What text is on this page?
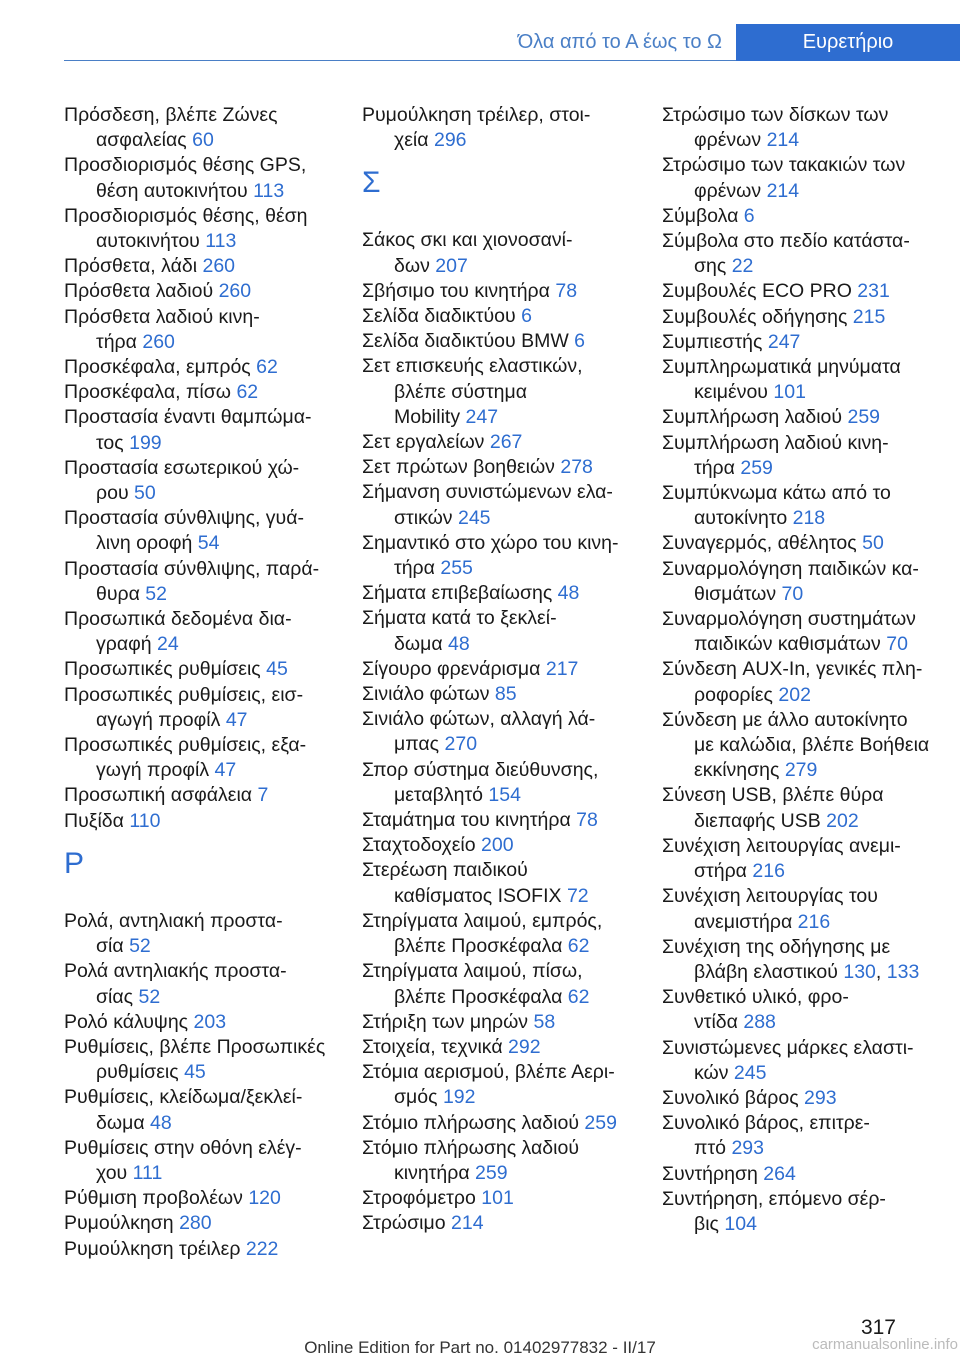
Όλα από το Α έως το Ω	Ευρετήριο
Πρόσδεση, βλέπε Ζώνες
ασφαλείας 60
Προσδιορισμός θέσης GPS,
θέση αυτοκινήτου 113
Προσδιορισμός θέσης, θέση
αυτοκινήτου 113
Πρόσθετα, λάδι 260
Πρόσθετα λαδιού 260
Πρόσθετα λαδιού κινη-
τήρα 260
Προσκέφαλα, εμπρός 62
Προσκέφαλα, πίσω 62
Προστασία έναντι θαμπώμα-
τος 199
Προστασία εσωτερικού χώ-
ρου 50
Προστασία σύνθλιψης, γυά-
λινη οροφή 54
Προστασία σύνθλιψης, παρά-
θυρα 52
Προσωπικά δεδομένα δια-
γραφή 24
Προσωπικές ρυθμίσεις 45
Προσωπικές ρυθμίσεις, εισ-
αγωγή προφίλ 47
Προσωπικές ρυθμίσεις, εξα-
γωγή προφίλ 47
Προσωπική ασφάλεια 7
Πυξίδα 110
Ρ
Ρολά, αντηλιακή προστα-
σία 52
Ρολά αντηλιακής προστα-
σίας 52
Ρολό κάλυψης 203
Ρυθμίσεις, βλέπε Προσωπικές
ρυθμίσεις 45
Ρυθμίσεις, κλείδωμα/ξεκλεί-
δωμα 48
Ρυθμίσεις στην οθόνη ελέγ-
χου 111
Ρύθμιση προβολέων 120
Ρυμούλκηση 280
Ρυμούλκηση τρέιλερ 222
Ρυμούλκηση τρέιλερ, στοι-
χεία 296
Σ
Σάκος σκι και χιονοσανί-
δων 207
Σβήσιμο του κινητήρα 78
Σελίδα διαδικτύου 6
Σελίδα διαδικτύου BMW 6
Σετ επισκευής ελαστικών,
βλέπε σύστημα
Mobility 247
Σετ εργαλείων 267
Σετ πρώτων βοηθειών 278
Σήμανση συνιστώμενων ελα-
στικών 245
Σημαντικό στο χώρο του κινη-
τήρα 255
Σήματα επιβεβαίωσης 48
Σήματα κατά το ξεκλεί-
δωμα 48
Σίγουρο φρενάρισμα 217
Σινιάλο φώτων 85
Σινιάλο φώτων, αλλαγή λά-
μπας 270
Σπορ σύστημα διεύθυνσης,
μεταβλητό 154
Σταμάτημα του κινητήρα 78
Σταχτοδοχείο 200
Στερέωση παιδικού
καθίσματος ISOFIX 72
Στηρίγματα λαιμού, εμπρός,
βλέπε Προσκέφαλα 62
Στηρίγματα λαιμού, πίσω,
βλέπε Προσκέφαλα 62
Στήριξη των μηρών 58
Στοιχεία, τεχνικά 292
Στόμια αερισμού, βλέπε Αερι-
σμός 192
Στόμιο πλήρωσης λαδιού 259
Στόμιο πλήρωσης λαδιού
κινητήρα 259
Στροφόμετρο 101
Στρώσιμο 214
Στρώσιμο των δίσκων των
φρένων 214
Στρώσιμο των τακακιών των
φρένων 214
Σύμβολα 6
Σύμβολα στο πεδίο κατάστα-
σης 22
Συμβουλές ECO PRO 231
Συμβουλές οδήγησης 215
Συμπιεστής 247
Συμπληρωματικά μηνύματα
κειμένου 101
Συμπλήρωση λαδιού 259
Συμπλήρωση λαδιού κινη-
τήρα 259
Συμπύκνωμα κάτω από το
αυτοκίνητο 218
Συναγερμός, αθέλητος 50
Συναρμολόγηση παιδικών κα-
θισμάτων 70
Συναρμολόγηση συστημάτων
παιδικών καθισμάτων 70
Σύνδεση AUX-In, γενικές πλη-
ροφορίες 202
Σύνδεση με άλλο αυτοκίνητο
με καλώδια, βλέπε Βοήθεια
εκκίνησης 279
Σύνεση USB, βλέπε θύρα
διεπαφής USB 202
Συνέχιση λειτουργίας ανεμι-
στήρα 216
Συνέχιση λειτουργίας του
ανεμιστήρα 216
Συνέχιση της οδήγησης με
βλάβη ελαστικού 130, 133
Συνθετικό υλικό, φρο-
ντίδα 288
Συνιστώμενες μάρκες ελαστι-
κών 245
Συνολικό βάρος 293
Συνολικό βάρος, επιτρε-
πτό 293
Συντήρηση 264
Συντήρηση, επόμενο σέρ-
βις 104
317
Online Edition for Part no. 01402977832 - II/17	carmanualsonline.info
